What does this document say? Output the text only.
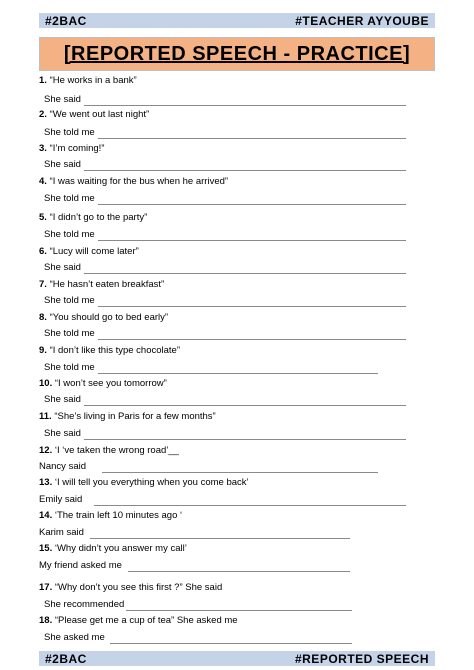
#2BAC	#TEACHER AYYOUBE
[REPORTED SPEECH - PRACTICE]
1. “He works in a bank”
She said
2. “We went out last night”
She told me
3. “I’m coming!”
She said
4. “I was waiting for the bus when he arrived”
She told me
5. “I didn’t go to the party”
She told me
6. “Lucy will come later”
She said
7. “He hasn’t eaten breakfast”
She told me
8. “You should go to bed early”
She told me
9. “I don’t like this type chocolate”
She told me
10. “I won’t see you tomorrow”
She said
11. “She’s living in Paris for a few months”
She said
12. ‘I ‘ve taken the wrong road’__
Nancy said
13. ‘I will tell you everything when you come back’
Emily said
14. ‘The train left 10 minutes ago ‘
Karim said
15. ‘Why didn’t you answer my call’
My friend asked me
17. “Why don’t you see this first ?” She said
She recommended
18. “Please get me a cup of tea” She asked me
She asked me
#2BAC	#REPORTED SPEECH
